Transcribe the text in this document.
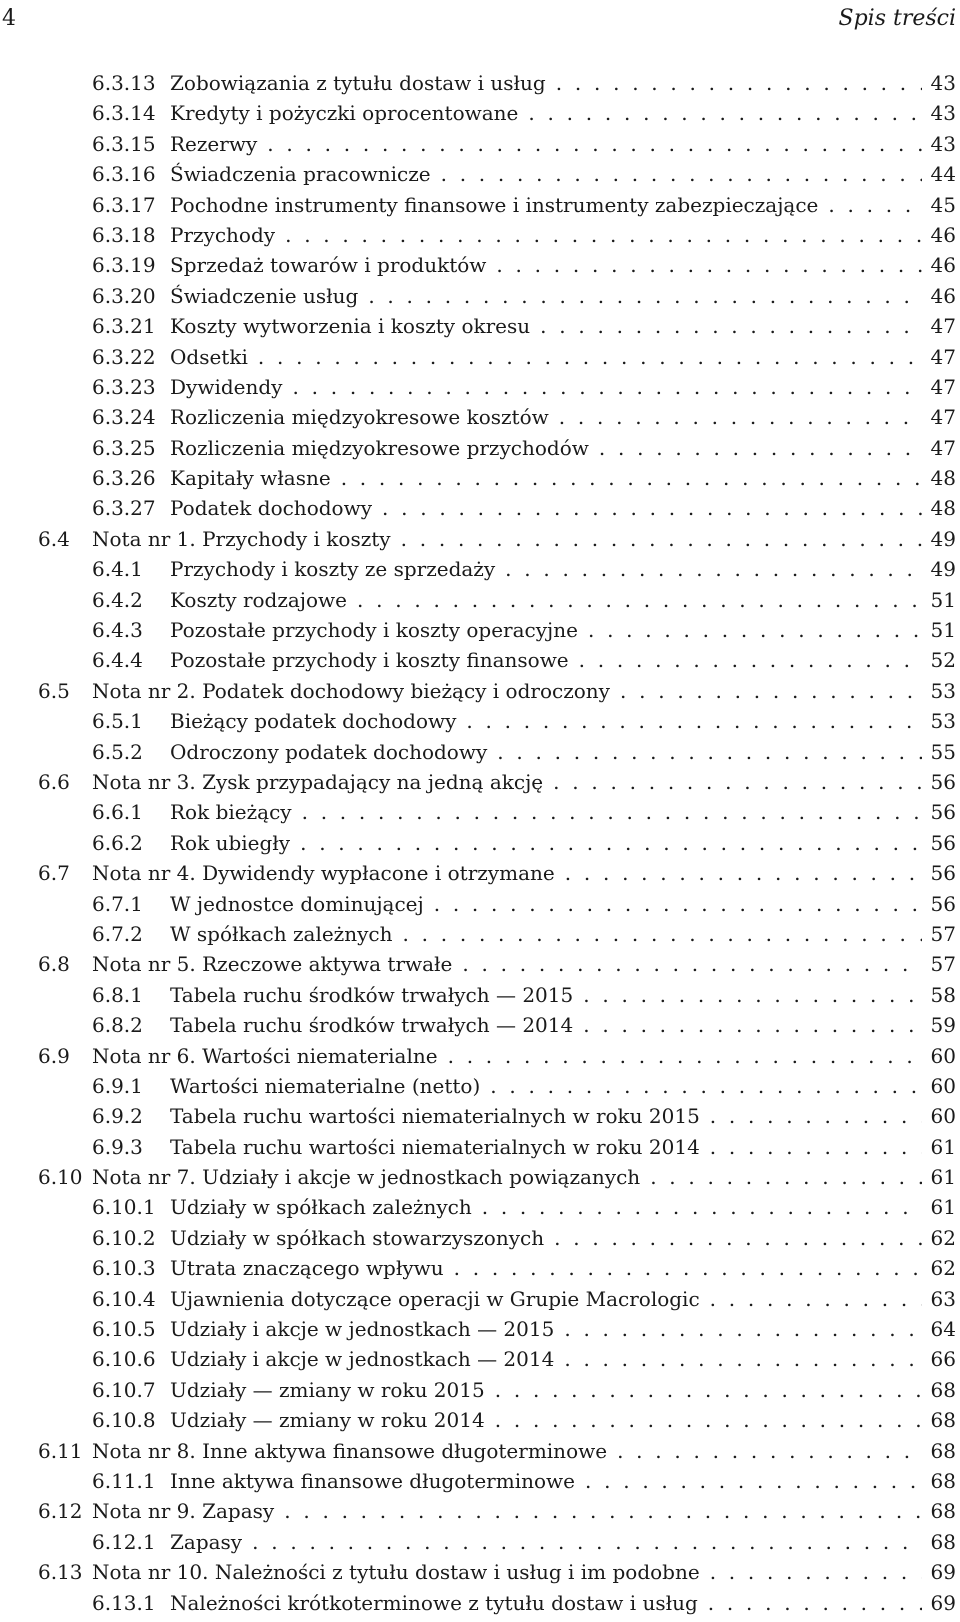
4	Spis treści
6.3.13 Zobowiązania z tytułu dostaw i usług . . .	43
6.3.14 Kredyty i pożyczki oprocentowane . . .	43
6.3.15 Rezerwy . . .	43
6.3.16 Świadczenia pracownicze . . .	44
6.3.17 Pochodne instrumenty finansowe i instrumenty zabezpieczające . . .	45
6.3.18 Przychody . . .	46
6.3.19 Sprzedaż towarów i produktów . . .	46
6.3.20 Świadczenie usług . . .	46
6.3.21 Koszty wytworzenia i koszty okresu . . .	47
6.3.22 Odsetki . . .	47
6.3.23 Dywidendy . . .	47
6.3.24 Rozliczenia międzyokresowe kosztów . . .	47
6.3.25 Rozliczenia międzyokresowe przychodów . . .	47
6.3.26 Kapitały własne . . .	48
6.3.27 Podatek dochodowy . . .	48
6.4 Nota nr 1. Przychody i koszty . . .	49
6.4.1 Przychody i koszty ze sprzedaży . . .	49
6.4.2 Koszty rodzajowe . . .	51
6.4.3 Pozostałe przychody i koszty operacyjne . . .	51
6.4.4 Pozostałe przychody i koszty finansowe . . .	52
6.5 Nota nr 2. Podatek dochodowy bieżący i odroczony . . .	53
6.5.1 Bieżący podatek dochodowy . . .	53
6.5.2 Odroczony podatek dochodowy . . .	55
6.6 Nota nr 3. Zysk przypadający na jedną akcję . . .	56
6.6.1 Rok bieżący . . .	56
6.6.2 Rok ubiegły . . .	56
6.7 Nota nr 4. Dywidendy wypłacone i otrzymane . . .	56
6.7.1 W jednostce dominującej . . .	56
6.7.2 W spółkach zależnych . . .	57
6.8 Nota nr 5. Rzeczowe aktywa trwałe . . .	57
6.8.1 Tabela ruchu środków trwałych — 2015 . . .	58
6.8.2 Tabela ruchu środków trwałych — 2014 . . .	59
6.9 Nota nr 6. Wartości niematerialne . . .	60
6.9.1 Wartości niematerialne (netto) . . .	60
6.9.2 Tabela ruchu wartości niematerialnych w roku 2015 . . .	60
6.9.3 Tabela ruchu wartości niematerialnych w roku 2014 . . .	61
6.10 Nota nr 7. Udziały i akcje w jednostkach powiązanych . . .	61
6.10.1 Udziały w spółkach zależnych . . .	61
6.10.2 Udziały w spółkach stowarzyszonych . . .	62
6.10.3 Utrata znaczącego wpływu . . .	62
6.10.4 Ujawnienia dotyczące operacji w Grupie Macrologic . . .	63
6.10.5 Udziały i akcje w jednostkach — 2015 . . .	64
6.10.6 Udziały i akcje w jednostkach — 2014 . . .	66
6.10.7 Udziały — zmiany w roku 2015 . . .	68
6.10.8 Udziały — zmiany w roku 2014 . . .	68
6.11 Nota nr 8. Inne aktywa finansowe długoterminowe . . .	68
6.11.1 Inne aktywa finansowe długoterminowe . . .	68
6.12 Nota nr 9. Zapasy . . .	68
6.12.1 Zapasy . . .	68
6.13 Nota nr 10. Należności z tytułu dostaw i usług i im podobne . . .	69
6.13.1 Należności krótkoterminowe z tytułu dostaw i usług . . .	69
